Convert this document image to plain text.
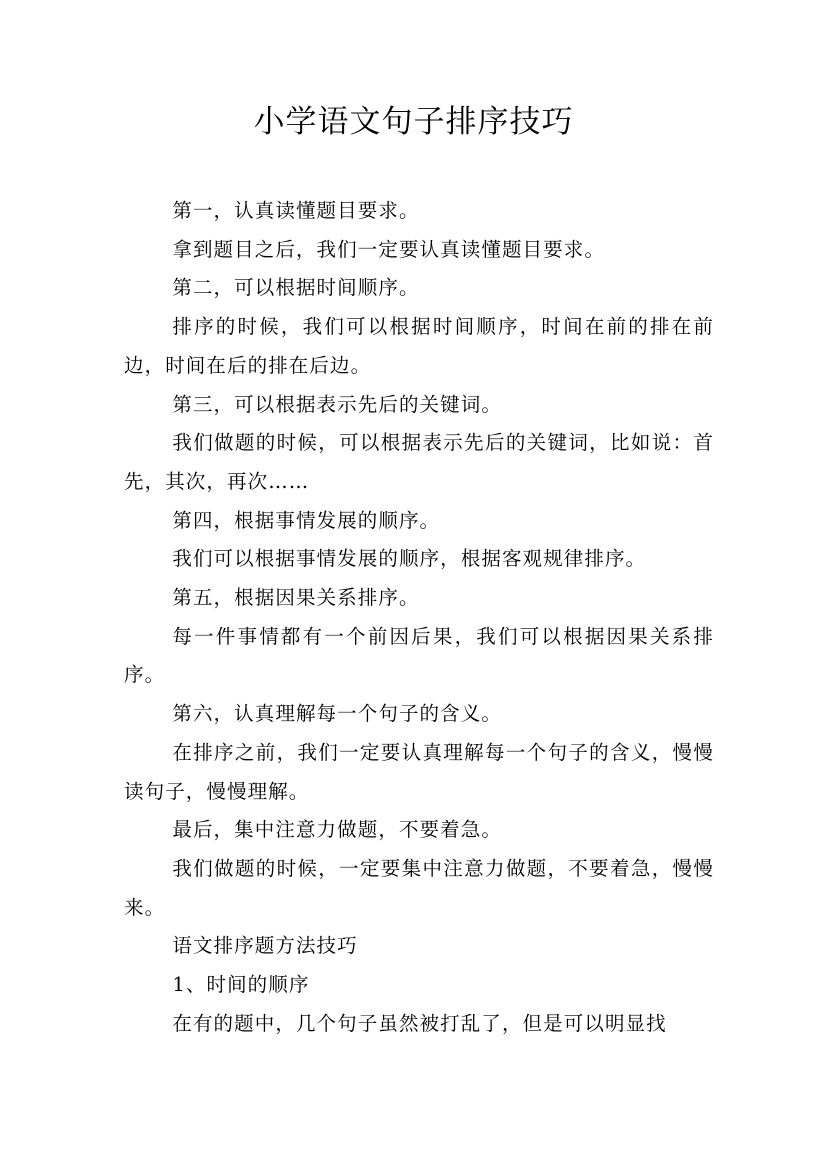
小学语文句子排序技巧

第一，认真读懂题目要求。

拿到题目之后，我们一定要认真读懂题目要求。

第二，可以根据时间顺序。

排序的时候，我们可以根据时间顺序，时间在前的排在前边，时间在后的排在后边。

第三，可以根据表示先后的关键词。

我们做题的时候，可以根据表示先后的关键词，比如说：首先，其次，再次……

第四，根据事情发展的顺序。

我们可以根据事情发展的顺序，根据客观规律排序。

第五，根据因果关系排序。

每一件事情都有一个前因后果，我们可以根据因果关系排序。

第六，认真理解每一个句子的含义。

在排序之前，我们一定要认真理解每一个句子的含义，慢慢读句子，慢慢理解。

最后，集中注意力做题，不要着急。

我们做题的时候，一定要集中注意力做题，不要着急，慢慢来。

语文排序题方法技巧

1、时间的顺序

在有的题中，几个句子虽然被打乱了，但是可以明显找
